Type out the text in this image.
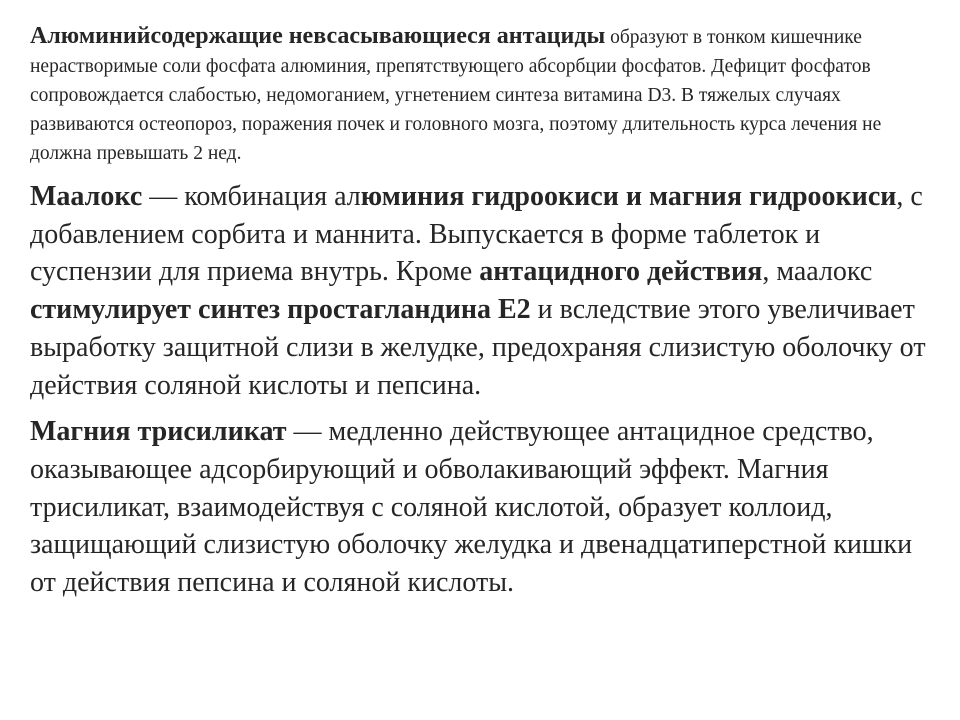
Алюминийсодержащие невсасывающиеся антациды образуют в тонком кишечнике нерастворимые соли фосфата алюминия, препятствующего абсорбции фосфатов. Дефицит фосфатов сопровождается слабостью, недомоганием, угнетением синтеза витамина D3. В тяжелых случаях развиваются остеопороз, поражения почек и головного мозга, поэтому длительность курса лечения не должна превышать 2 нед.

Маалокс — комбинация алюминия гидроокиси и магния гидроокиси, с добавлением сорбита и маннита. Выпускается в форме таблеток и суспензии для приема внутрь. Кроме антацидного действия, маалокс стимулирует синтез простагландина Е2 и вследствие этого увеличивает выработку защитной слизи в желудке, предохраняя слизистую оболочку от действия соляной кислоты и пепсина.

Магния трисиликат — медленно действующее антацидное средство, оказывающее адсорбирующий и обволакивающий эффект. Магния трисиликат, взаимодействуя с соляной кислотой, образует коллоид, защищающий слизистую оболочку желудка и двенадцатиперстной кишки от действия пепсина и соляной кислоты.
